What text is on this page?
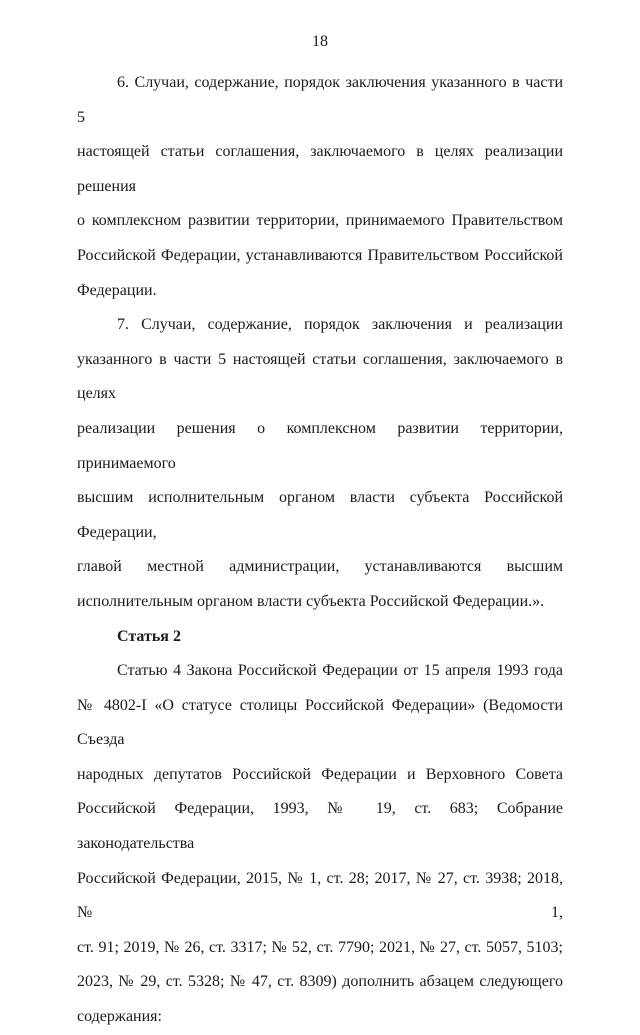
18
6. Случаи, содержание, порядок заключения указанного в части 5
настоящей статьи соглашения, заключаемого в целях реализации решения
о комплексном развитии территории, принимаемого Правительством
Российской Федерации, устанавливаются Правительством Российской
Федерации.
7. Случаи, содержание, порядок заключения и реализации
указанного в части 5 настоящей статьи соглашения, заключаемого в целях
реализации решения о комплексном развитии территории, принимаемого
высшим исполнительным органом власти субъекта Российской Федерации,
главой местной администрации, устанавливаются высшим
исполнительным органом власти субъекта Российской Федерации.».
Статья 2
Статью 4 Закона Российской Федерации от 15 апреля 1993 года
№ 4802-I «О статусе столицы Российской Федерации» (Ведомости Съезда
народных депутатов Российской Федерации и Верховного Совета
Российской Федерации, 1993, № 19, ст. 683; Собрание законодательства
Российской Федерации, 2015, № 1, ст. 28; 2017, № 27, ст. 3938; 2018, № 1,
ст. 91; 2019, № 26, ст. 3317; № 52, ст. 7790; 2021, № 27, ст. 5057, 5103;
2023, № 29, ст. 5328; № 47, ст. 8309) дополнить абзацем следующего
содержания:
